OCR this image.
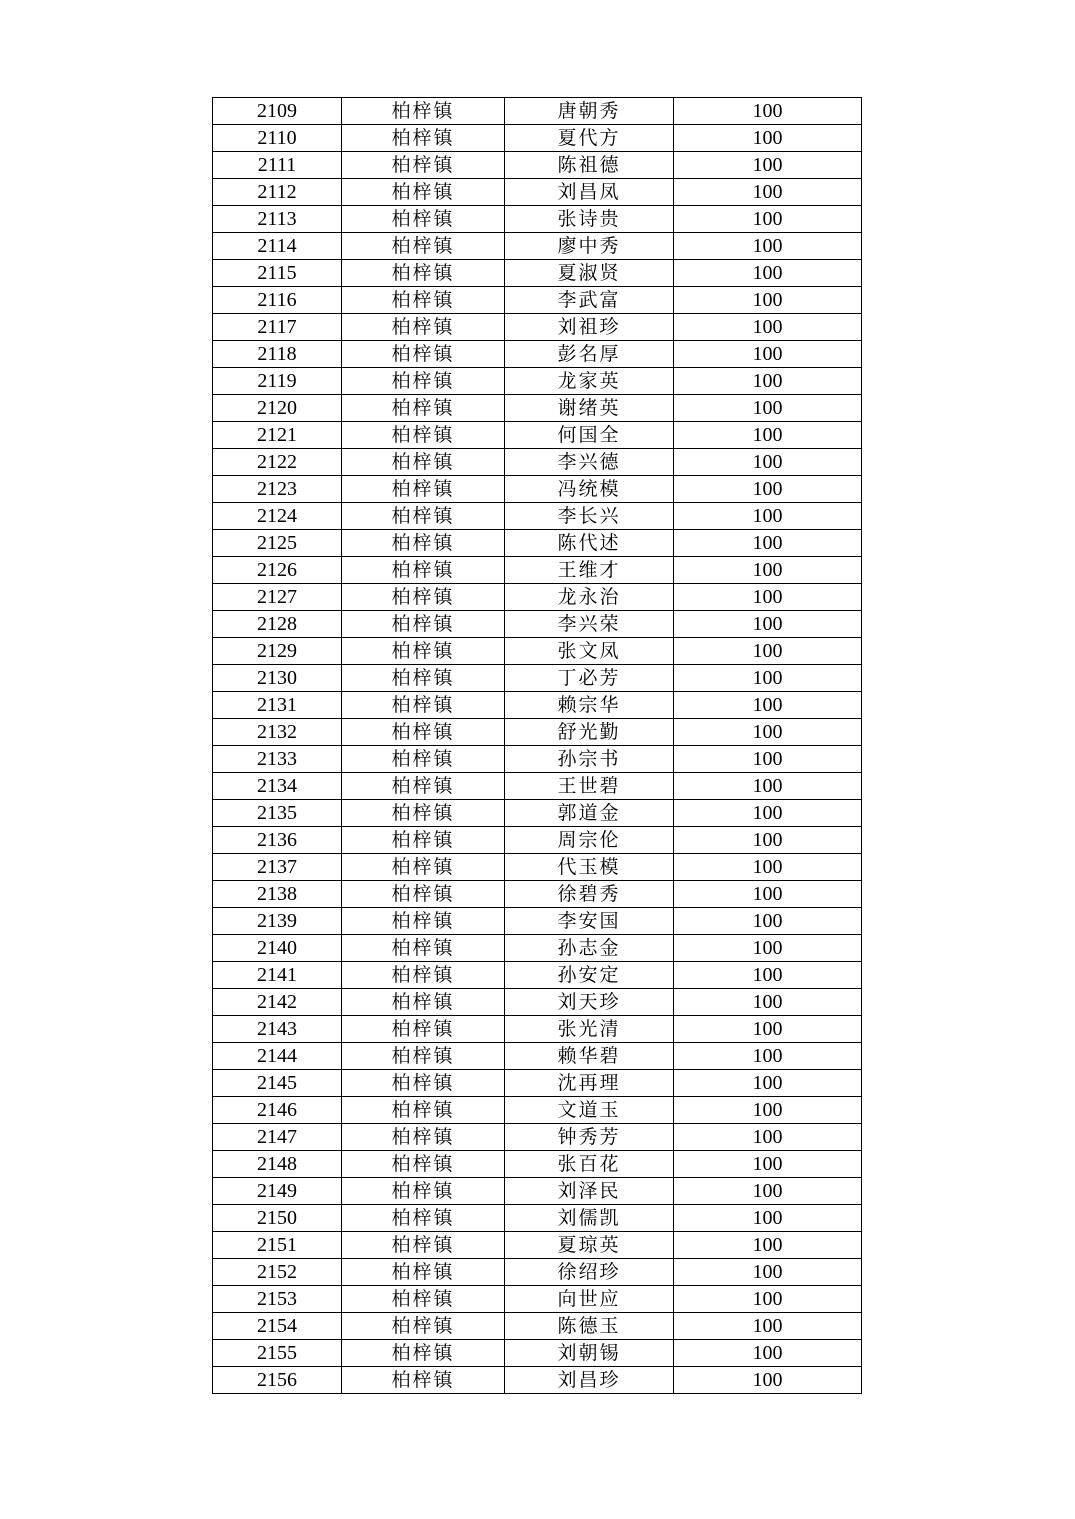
2109	柏梓镇	唐朝秀	100
2110	柏梓镇	夏代方	100
2111	柏梓镇	陈祖德	100
2112	柏梓镇	刘昌凤	100
2113	柏梓镇	张诗贵	100
2114	柏梓镇	廖中秀	100
2115	柏梓镇	夏淑贤	100
2116	柏梓镇	李武富	100
2117	柏梓镇	刘祖珍	100
2118	柏梓镇	彭名厚	100
2119	柏梓镇	龙家英	100
2120	柏梓镇	谢绪英	100
2121	柏梓镇	何国全	100
2122	柏梓镇	李兴德	100
2123	柏梓镇	冯统模	100
2124	柏梓镇	李长兴	100
2125	柏梓镇	陈代述	100
2126	柏梓镇	王维才	100
2127	柏梓镇	龙永治	100
2128	柏梓镇	李兴荣	100
2129	柏梓镇	张文凤	100
2130	柏梓镇	丁必芳	100
2131	柏梓镇	赖宗华	100
2132	柏梓镇	舒光勤	100
2133	柏梓镇	孙宗书	100
2134	柏梓镇	王世碧	100
2135	柏梓镇	郭道金	100
2136	柏梓镇	周宗伦	100
2137	柏梓镇	代玉模	100
2138	柏梓镇	徐碧秀	100
2139	柏梓镇	李安国	100
2140	柏梓镇	孙志金	100
2141	柏梓镇	孙安定	100
2142	柏梓镇	刘天珍	100
2143	柏梓镇	张光清	100
2144	柏梓镇	赖华碧	100
2145	柏梓镇	沈再理	100
2146	柏梓镇	文道玉	100
2147	柏梓镇	钟秀芳	100
2148	柏梓镇	张百花	100
2149	柏梓镇	刘泽民	100
2150	柏梓镇	刘儒凯	100
2151	柏梓镇	夏琼英	100
2152	柏梓镇	徐绍珍	100
2153	柏梓镇	向世应	100
2154	柏梓镇	陈德玉	100
2155	柏梓镇	刘朝锡	100
2156	柏梓镇	刘昌珍	100
